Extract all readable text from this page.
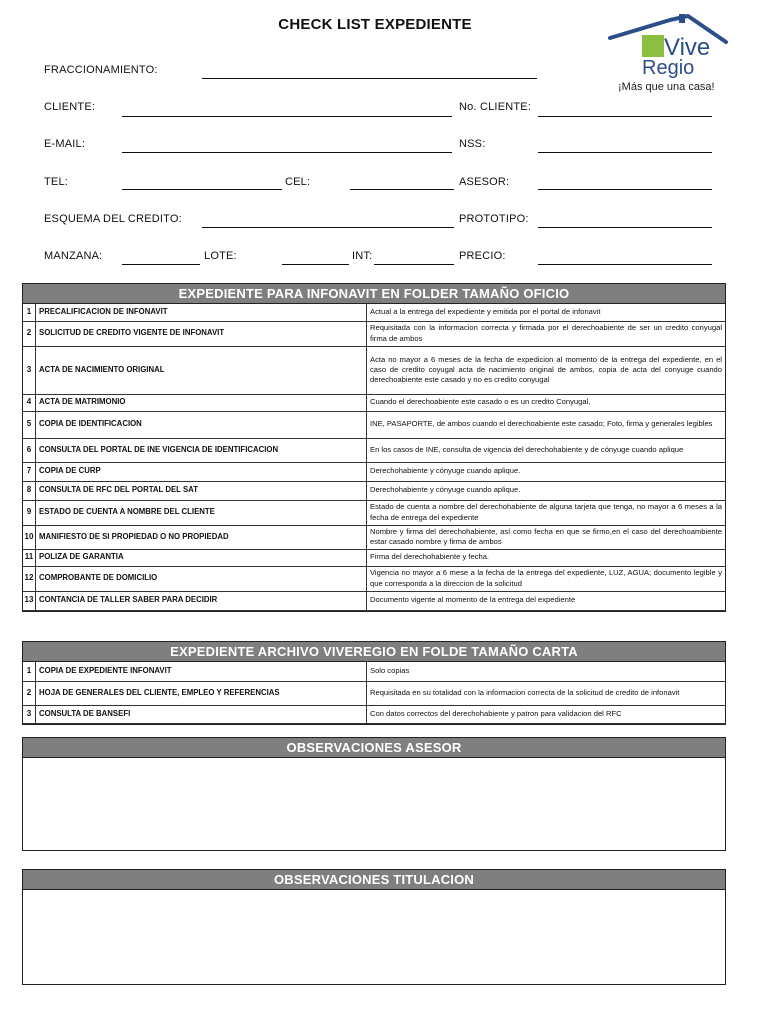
CHECK LIST EXPEDIENTE
Vive
Regio
¡Más que una casa!
FRACCIONAMIENTO:
CLIENTE:	No. CLIENTE:
E-MAIL:	NSS:
TEL:	CEL:	ASESOR:
ESQUEMA DEL CREDITO:	PROTOTIPO:
MANZANA:	LOTE:	INT:	PRECIO:
EXPEDIENTE PARA INFONAVIT EN FOLDER TAMAÑO OFICIO
1	PRECALIFICACION DE INFONAVIT	Actual a la entrega del expediente y emitida por el portal de infonavit
2	SOLICITUD DE CREDITO VIGENTE DE INFONAVIT	Requisitada con la informacion correcta y firmada por el derechoabiente de ser un credito conyugal firma de ambos
3	ACTA DE NACIMIENTO ORIGINAL	Acta no mayor a 6 meses de la fecha de expedicion al momento de la entrega del expediente, en el caso de credito coyugal acta de nacimiento original de ambos, copia de acta del conyuge cuando derechoabiente este casado y no es credito conyugal
4	ACTA DE MATRIMONIO	Cuando el derechoabiente este casado o es un credito Conyugal,
5	COPIA DE IDENTIFICACION	INE, PASAPORTE, de ambos cuando el derechoabiente este casado; Foto, firma y generales legibles
6	CONSULTA DEL PORTAL DE INE VIGENCIA DE IDENTIFICACION	En los casos de INE, consulta de vigencia del derechohabiente y de cónyuge cuando aplique
7	COPIA DE CURP	Derechohabiente y cónyuge cuando aplique.
8	CONSULTA DE RFC DEL PORTAL DEL SAT	Derechohabiente y cónyuge cuando aplique.
9	ESTADO DE CUENTA A NOMBRE DEL CLIENTE	Estado de cuenta a nombre del derechohabiente de alguna tarjeta que tenga, no mayor a 6 meses a la fecha de entrega del expediente
10	MANIFIESTO DE SI PROPIEDAD O NO PROPIEDAD	Nombre y firma del derechohabiente, así como fecha en que se firmo,en el caso del derechoambiente estar casado nombre y firma de ambos
11	POLIZA DE GARANTIA	Firma del derechohabiente y fecha.
12	COMPROBANTE DE DOMICILIO	Vigencia no mayor a 6 mese a la fecha de la entrega del expediente, LUZ, AGUA; documento legible y que corresponda a la direccion de la solicitud
13	CONTANCIA DE TALLER SABER PARA DECIDIR	Documento vigente al momento de la entrega del expediente
EXPEDIENTE ARCHIVO VIVEREGIO EN FOLDE TAMAÑO CARTA
1	COPIA DE EXPEDIENTE INFONAVIT	Solo copias
2	HOJA DE GENERALES DEL CLIENTE, EMPLEO Y REFERENCIAS	Requisitada en su totalidad con la informacion correcta de la solicitud de credito de infonavit
3	CONSULTA DE BANSEFI	Con datos correctos del derechohabiente y patron para validacion del RFC
OBSERVACIONES ASESOR
OBSERVACIONES TITULACION
